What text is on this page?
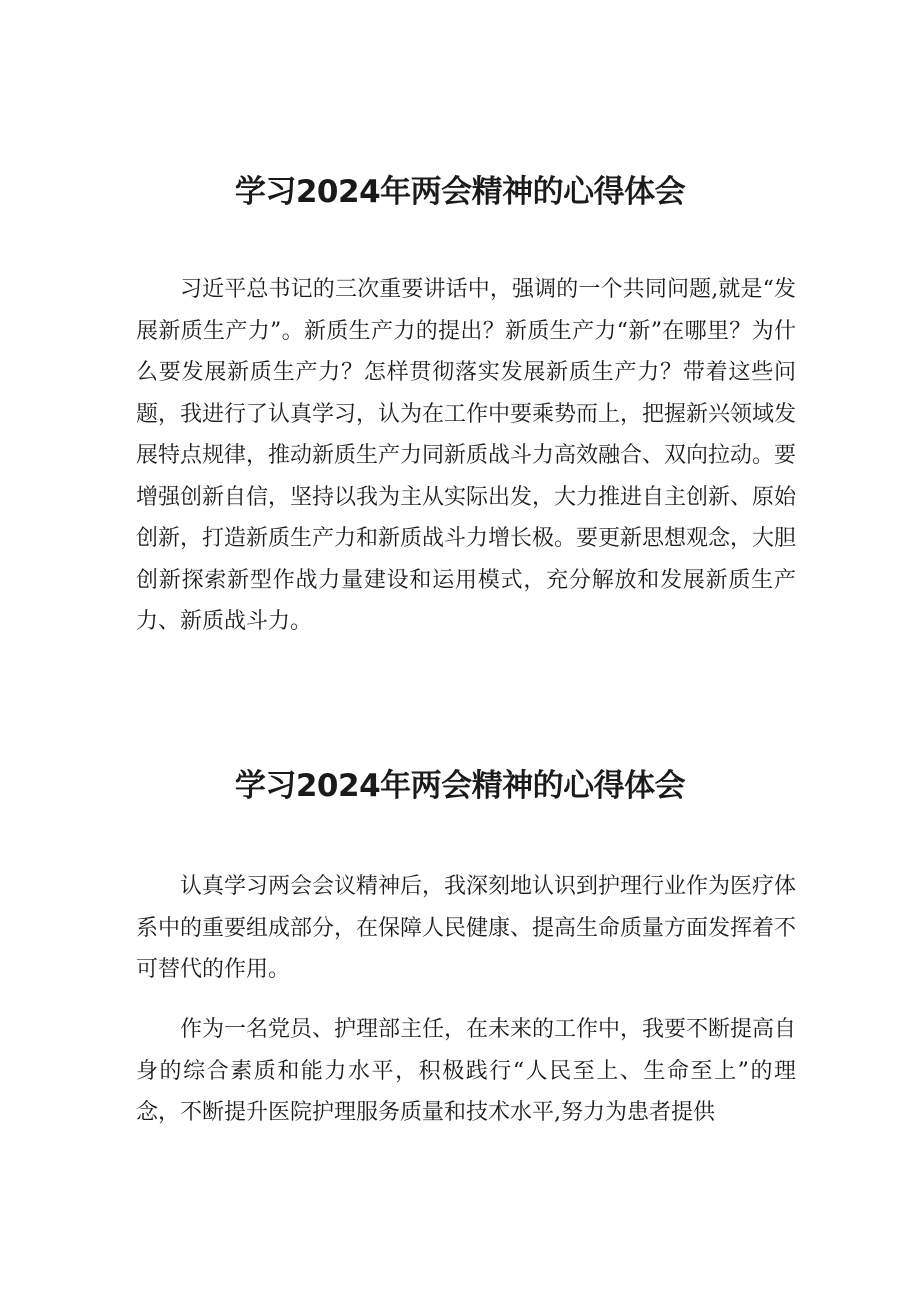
学习2024年两会精神的心得体会

习近平总书记的三次重要讲话中，强调的一个共同问题,就是“发展新质生产力”。新质生产力的提出？新质生产力“新”在哪里？为什么要发展新质生产力？怎样贯彻落实发展新质生产力？带着这些问题，我进行了认真学习，认为在工作中要乘势而上，把握新兴领域发展特点规律，推动新质生产力同新质战斗力高效融合、双向拉动。要增强创新自信，坚持以我为主从实际出发，大力推进自主创新、原始创新，打造新质生产力和新质战斗力增长极。要更新思想观念，大胆创新探索新型作战力量建设和运用模式，充分解放和发展新质生产力、新质战斗力。

学习2024年两会精神的心得体会

认真学习两会会议精神后，我深刻地认识到护理行业作为医疗体系中的重要组成部分，在保障人民健康、提高生命质量方面发挥着不可替代的作用。

作为一名党员、护理部主任，在未来的工作中，我要不断提高自身的综合素质和能力水平，积极践行“人民至上、生命至上”的理念，不断提升医院护理服务质量和技术水平,努力为患者提供
